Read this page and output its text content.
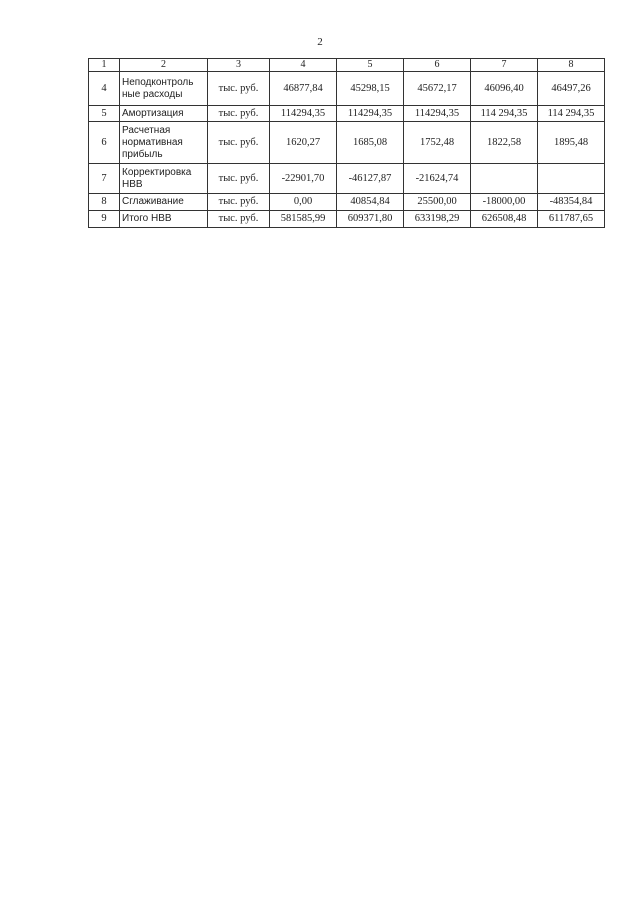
2
1	2	3	4	5	6	7	8
4	Неподконтроль ные расходы	тыс. руб.	46877,84	45298,15	45672,17	46096,40	46497,26
5	Амортизация	тыс. руб.	114294,35	114294,35	114294,35	114 294,35	114 294,35
6	Расчетная нормативная прибыль	тыс. руб.	1620,27	1685,08	1752,48	1822,58	1895,48
7	Корректировка НВВ	тыс. руб.	-22901,70	-46127,87	-21624,74		
8	Сглаживание	тыс. руб.	0,00	40854,84	25500,00	-18000,00	-48354,84
9	Итого НВВ	тыс. руб.	581585,99	609371,80	633198,29	626508,48	611787,65
